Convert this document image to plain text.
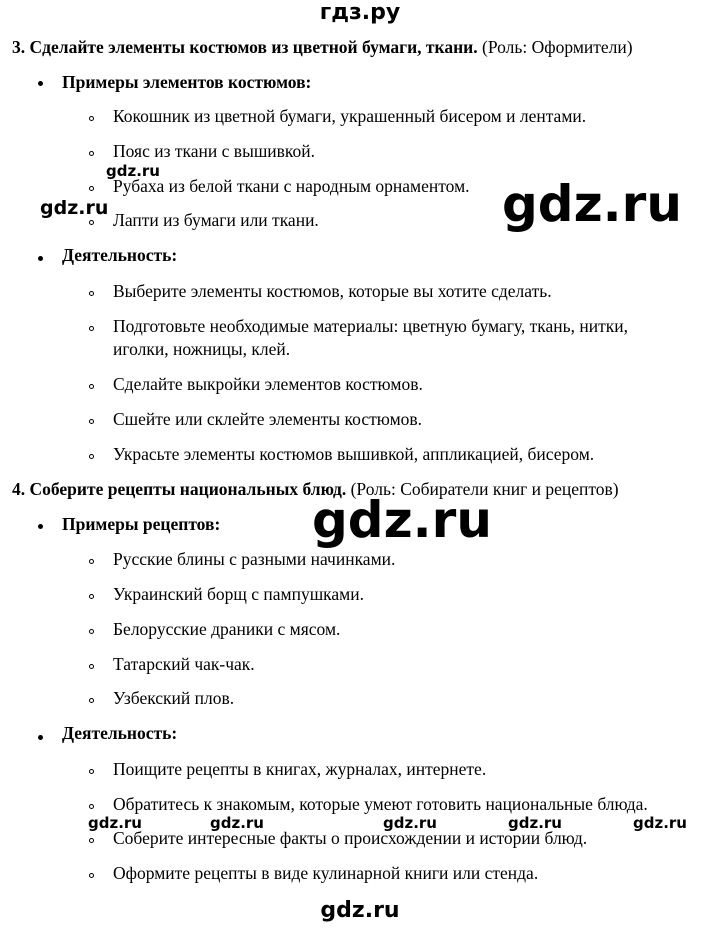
гдз.ру
3. Сделайте элементы костюмов из цветной бумаги, ткани. (Роль: Оформители)
Примеры элементов костюмов:
Кокошник из цветной бумаги, украшенный бисером и лентами.
Пояс из ткани с вышивкой.
Рубаха из белой ткани с народным орнаментом.
Лапти из бумаги или ткани.
Деятельность:
Выберите элементы костюмов, которые вы хотите сделать.
Подготовьте необходимые материалы: цветную бумагу, ткань, нитки,
иголки, ножницы, клей.
Сделайте выкройки элементов костюмов.
Сшейте или склейте элементы костюмов.
Украсьте элементы костюмов вышивкой, аппликацией, бисером.
4. Соберите рецепты национальных блюд. (Роль: Собиратели книг и рецептов)
Примеры рецептов:
Русские блины с разными начинками.
Украинский борщ с пампушками.
Белорусские драники с мясом.
Татарский чак-чак.
Узбекский плов.
Деятельность:
Поищите рецепты в книгах, журналах, интернете.
Обратитесь к знакомым, которые умеют готовить национальные блюда.
Соберите интересные факты о происхождении и истории блюд.
Оформите рецепты в виде кулинарной книги или стенда.
gdz.ru
gdz.ru
gdz.ru
gdz.ru
gdz.ru	gdz.ru	gdz.ru	gdz.ru	gdz.ru
gdz.ru
